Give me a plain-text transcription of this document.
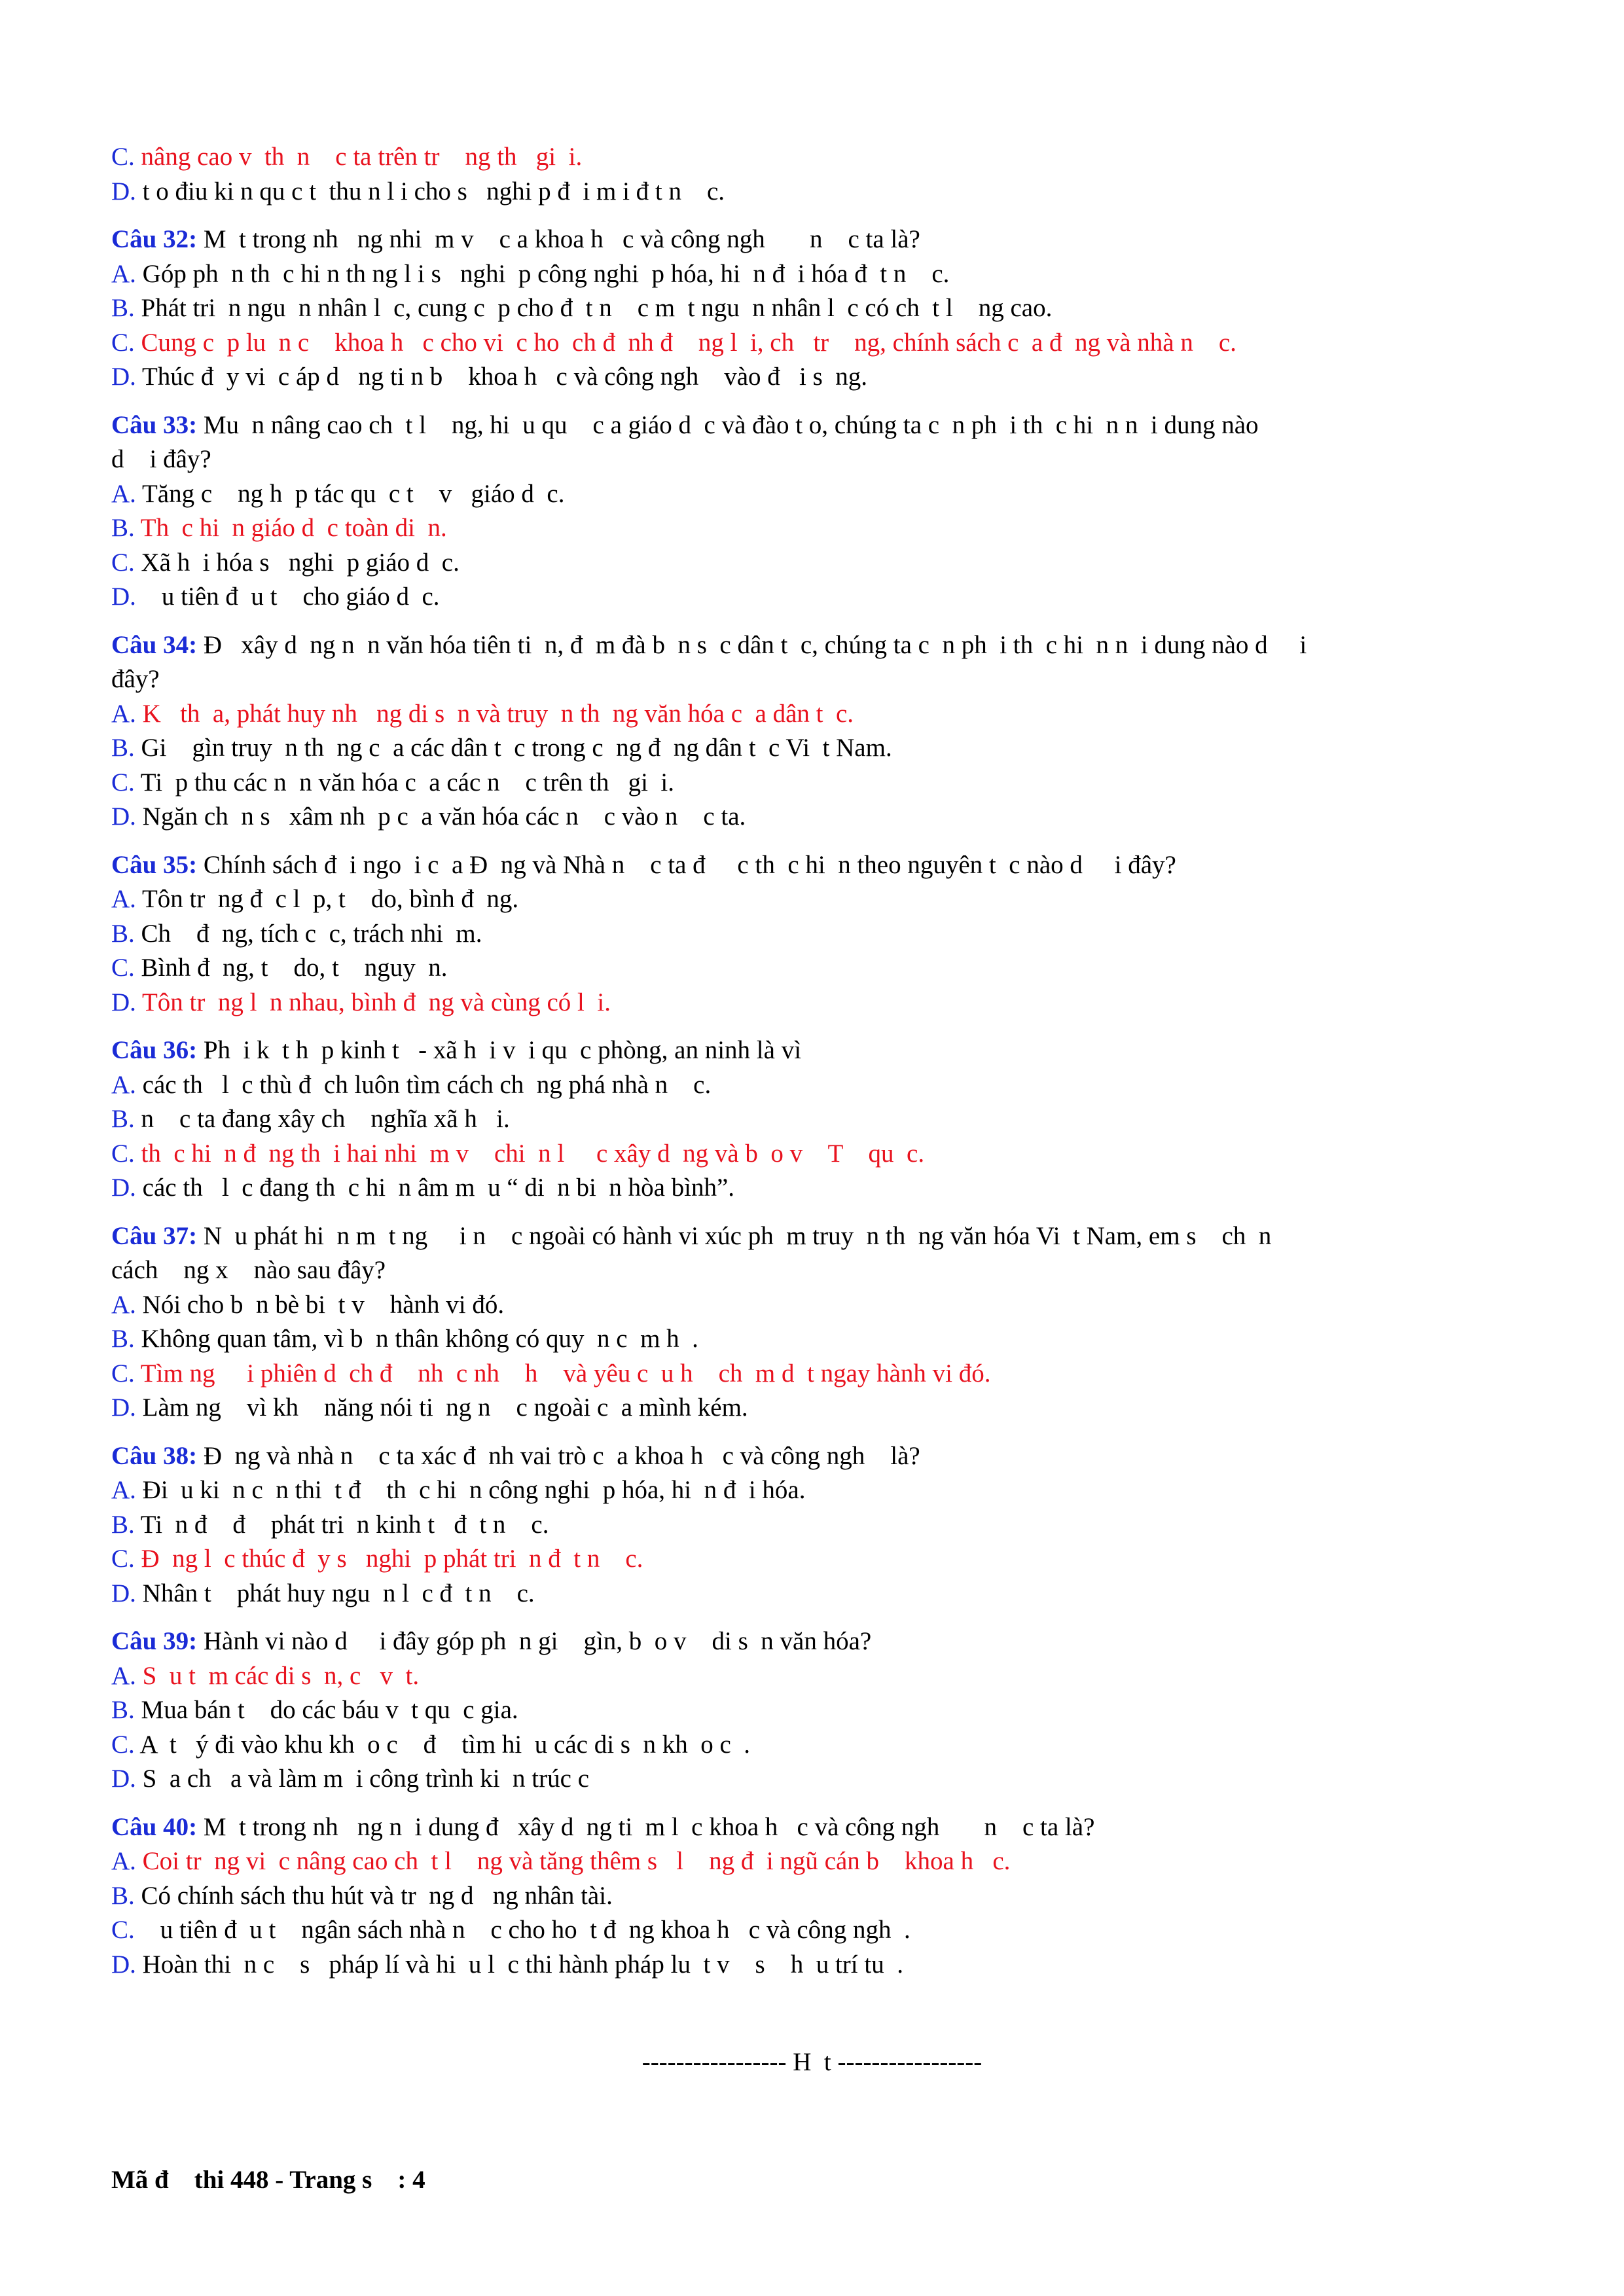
C. nâng cao v  th  n    c ta trên tr    ng th   gi  i.
D. t o điu ki n qu c t  thu n l i cho s   nghi p đ  i m i đ t n    c.
Câu 32: M  t trong nh   ng nhi  m v    c a khoa h   c và công ngh       n    c ta là?
A. Góp ph  n th  c hi n th ng l i s   nghi  p công nghi  p hóa, hi  n đ  i hóa đ  t n    c.
B. Phát tri  n ngu  n nhân l  c, cung c  p cho đ  t n    c m  t ngu  n nhân l  c có ch  t l    ng cao.
C. Cung c  p lu  n c    khoa h   c cho vi  c ho  ch đ  nh đ    ng l  i, ch   tr    ng, chính sách c  a đ  ng và nhà n    c.
D. Thúc đ  y vi  c áp d   ng ti n b    khoa h   c và công ngh    vào đ   i s  ng.
Câu 33: Mu  n nâng cao ch  t l    ng, hi  u qu    c a giáo d  c và đào t o, chúng ta c  n ph  i th  c hi  n n  i dung nào
d    i đây?
A. Tăng c    ng h  p tác qu  c t    v   giáo d  c.
B. Th  c hi  n giáo d  c toàn di  n.
C. Xã h  i hóa s   nghi  p giáo d  c.
D.    u tiên đ  u t    cho giáo d  c.
Câu 34: Đ   xây d  ng n  n văn hóa tiên ti  n, đ  m đà b  n s  c dân t  c, chúng ta c  n ph  i th  c hi  n n  i dung nào d     i
đây?
A. K   th  a, phát huy nh   ng di s  n và truy  n th  ng văn hóa c  a dân t  c.
B. Gi    gìn truy  n th  ng c  a các dân t  c trong c  ng đ  ng dân t  c Vi  t Nam.
C. Ti  p thu các n  n văn hóa c  a các n    c trên th   gi  i.
D. Ngăn ch  n s   xâm nh  p c  a văn hóa các n    c vào n    c ta.
Câu 35: Chính sách đ  i ngo  i c  a Đ  ng và Nhà n    c ta đ     c th  c hi  n theo nguyên t  c nào d     i đây?
A. Tôn tr  ng đ  c l  p, t    do, bình đ  ng.
B. Ch    đ  ng, tích c  c, trách nhi  m.
C. Bình đ  ng, t    do, t    nguy  n.
D. Tôn tr  ng l  n nhau, bình đ  ng và cùng có l  i.
Câu 36: Ph  i k  t h  p kinh t   - xã h  i v  i qu  c phòng, an ninh là vì
A. các th   l  c thù đ  ch luôn tìm cách ch  ng phá nhà n    c.
B. n    c ta đang xây ch    nghĩa xã h   i.
C. th  c hi  n đ  ng th  i hai nhi  m v    chi  n l     c xây d  ng và b  o v    T    qu  c.
D. các th   l  c đang th  c hi  n âm m  u “ di  n bi  n hòa bình”.
Câu 37: N  u phát hi  n m  t ng     i n    c ngoài có hành vi xúc ph  m truy  n th  ng văn hóa Vi  t Nam, em s    ch  n
cách    ng x    nào sau đây?
A. Nói cho b  n bè bi  t v    hành vi đó.
B. Không quan tâm, vì b  n thân không có quy  n c  m h  .
C. Tìm ng     i phiên d  ch đ    nh  c nh    h    và yêu c  u h    ch  m d  t ngay hành vi đó.
D. Làm ng    vì kh    năng nói ti  ng n    c ngoài c  a mình kém.
Câu 38: Đ  ng và nhà n    c ta xác đ  nh vai trò c  a khoa h   c và công ngh    là?
A. Đi  u ki  n c  n thi  t đ    th  c hi  n công nghi  p hóa, hi  n đ  i hóa.
B. Ti  n đ    đ    phát tri  n kinh t   đ  t n    c.
C. Đ  ng l  c thúc đ  y s   nghi  p phát tri  n đ  t n    c.
D. Nhân t    phát huy ngu  n l  c đ  t n    c.
Câu 39: Hành vi nào d     i đây góp ph  n gi    gìn, b  o v    di s  n văn hóa?
A. S  u t  m các di s  n, c   v  t.
B. Mua bán t    do các báu v  t qu  c gia.
C. A  t   ý đi vào khu kh  o c    đ    tìm hi  u các di s  n kh  o c  .
D. S  a ch   a và làm m  i công trình ki  n trúc c
Câu 40: M  t trong nh   ng n  i dung đ   xây d  ng ti  m l  c khoa h   c và công ngh       n    c ta là?
A. Coi tr  ng vi  c nâng cao ch  t l    ng và tăng thêm s   l    ng đ  i ngũ cán b    khoa h   c.
B. Có chính sách thu hút và tr  ng d   ng nhân tài.
C.    u tiên đ  u t    ngân sách nhà n    c cho ho  t đ  ng khoa h   c và công ngh  .
D. Hoàn thi  n c    s   pháp lí và hi  u l  c thi hành pháp lu  t v    s    h  u trí tu  .
----------------- H  t -----------------
Mã đ    thi 448 - Trang s    : 4
